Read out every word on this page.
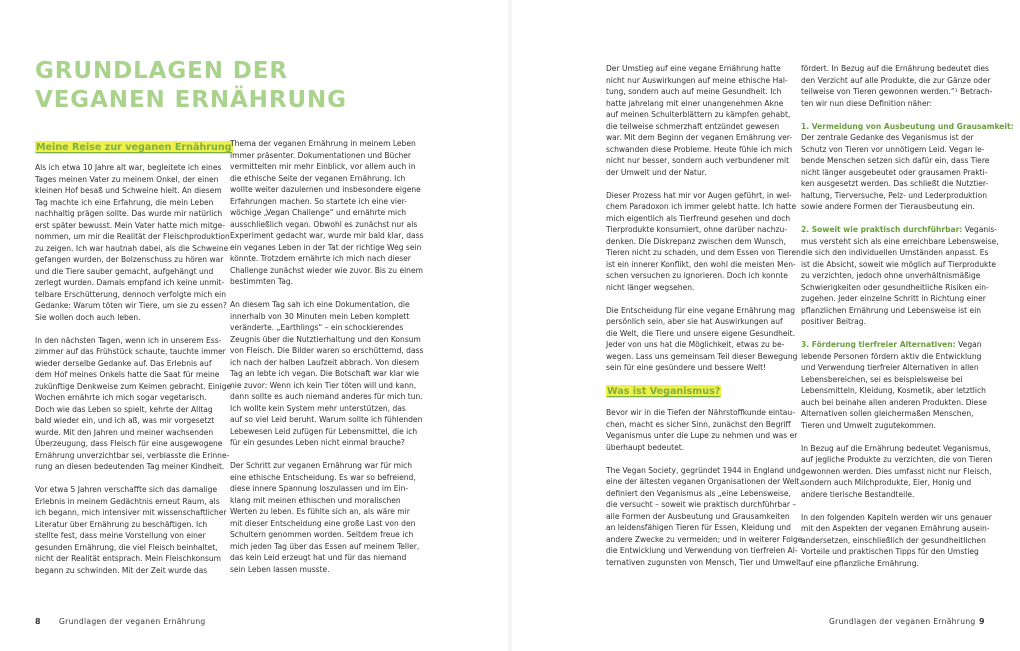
GRUNDLAGEN DER
VEGANEN ERNÄHRUNG
Meine Reise zur veganen Ernährung

Als ich etwa 10 Jahre alt war, begleitete ich eines
Tages meinen Vater zu meinem Onkel, der einen
kleinen Hof besaß und Schweine hielt. An diesem
Tag machte ich eine Erfahrung, die mein Leben
nachhaltig prägen sollte. Das wurde mir natürlich
erst später bewusst. Mein Vater hatte mich mitge-
nommen, um mir die Realität der Fleischproduktion
zu zeigen. Ich war hautnah dabei, als die Schweine
gefangen wurden, der Bolzenschuss zu hören war
und die Tiere sauber gemacht, aufgehängt und
zerlegt wurden. Damals empfand ich keine unmit-
telbare Erschütterung, dennoch verfolgte mich ein
Gedanke: Warum töten wir Tiere, um sie zu essen?
Sie wollen doch auch leben.

In den nächsten Tagen, wenn ich in unserem Ess-
zimmer auf das Frühstück schaute, tauchte immer
wieder derselbe Gedanke auf. Das Erlebnis auf
dem Hof meines Onkels hatte die Saat für meine
zukünftige Denkweise zum Keimen gebracht. Einige
Wochen ernährte ich mich sogar vegetarisch.
Doch wie das Leben so spielt, kehrte der Alltag
bald wieder ein, und ich aß, was mir vorgesetzt
wurde. Mit den Jahren und meiner wachsenden
Überzeugung, dass Fleisch für eine ausgewogene
Ernährung unverzichtbar sei, verblasste die Erinne-
rung an diesen bedeutenden Tag meiner Kindheit.

Vor etwa 5 Jahren verschaffte sich das damalige
Erlebnis in meinem Gedächtnis erneut Raum, als
ich begann, mich intensiver mit wissenschaftlicher
Literatur über Ernährung zu beschäftigen. Ich
stellte fest, dass meine Vorstellung von einer
gesunden Ernährung, die viel Fleisch beinhaltet,
nicht der Realität entsprach. Mein Fleischkonsum
begann zu schwinden. Mit der Zeit wurde das

Thema der veganen Ernährung in meinem Leben
immer präsenter. Dokumentationen und Bücher
vermittelten mir mehr Einblick, vor allem auch in
die ethische Seite der veganen Ernährung. Ich
wollte weiter dazulernen und insbesondere eigene
Erfahrungen machen. So startete ich eine vier-
wöchige „Vegan Challenge“ und ernährte mich
ausschließlich vegan. Obwohl es zunächst nur als
Experiment gedacht war, wurde mir bald klar, dass
ein veganes Leben in der Tat der richtige Weg sein
könnte. Trotzdem ernährte ich mich nach dieser
Challenge zunächst wieder wie zuvor. Bis zu einem
bestimmten Tag.

An diesem Tag sah ich eine Dokumentation, die
innerhalb von 30 Minuten mein Leben komplett
veränderte. „Earthlings“ – ein schockierendes
Zeugnis über die Nutztierhaltung und den Konsum
von Fleisch. Die Bilder waren so erschütternd, dass
ich nach der halben Laufzeit abbrach. Von diesem
Tag an lebte ich vegan. Die Botschaft war klar wie
nie zuvor: Wenn ich kein Tier töten will und kann,
dann sollte es auch niemand anderes für mich tun.
Ich wollte kein System mehr unterstützen, das
auf so viel Leid beruht. Warum sollte ich fühlenden
Lebewesen Leid zufügen für Lebensmittel, die ich
für ein gesundes Leben nicht einmal brauche?

Der Schritt zur veganen Ernährung war für mich
eine ethische Entscheidung. Es war so befreiend,
diese innere Spannung loszulassen und im Ein-
klang mit meinen ethischen und moralischen
Werten zu leben. Es fühlte sich an, als wäre mir
mit dieser Entscheidung eine große Last von den
Schultern genommen worden. Seitdem freue ich
mich jeden Tag über das Essen auf meinem Teller,
das kein Leid erzeugt hat und für das niemand
sein Leben lassen musste.

Der Umstieg auf eine vegane Ernährung hatte
nicht nur Auswirkungen auf meine ethische Hal-
tung, sondern auch auf meine Gesundheit. Ich
hatte jahrelang mit einer unangenehmen Akne
auf meinen Schulterblättern zu kämpfen gehabt,
die teilweise schmerzhaft entzündet gewesen
war. Mit dem Beginn der veganen Ernährung ver-
schwanden diese Probleme. Heute fühle ich mich
nicht nur besser, sondern auch verbundener mit
der Umwelt und der Natur.

Dieser Prozess hat mir vor Augen geführt, in wel-
chem Paradoxon ich immer gelebt hatte. Ich hatte
mich eigentlich als Tierfreund gesehen und doch
Tierprodukte konsumiert, ohne darüber nachzu-
denken. Die Diskrepanz zwischen dem Wunsch,
Tieren nicht zu schaden, und dem Essen von Tieren
ist ein innerer Konflikt, den wohl die meisten Men-
schen versuchen zu ignorieren. Doch ich konnte
nicht länger wegsehen.

Die Entscheidung für eine vegane Ernährung mag
persönlich sein, aber sie hat Auswirkungen auf
die Welt, die Tiere und unsere eigene Gesundheit.
Jeder von uns hat die Möglichkeit, etwas zu be-
wegen. Lass uns gemeinsam Teil dieser Bewegung
sein für eine gesündere und bessere Welt!

Was ist Veganismus?

Bevor wir in die Tiefen der Nährstoffkunde eintau-
chen, macht es sicher Sinn, zunächst den Begriff
Veganismus unter die Lupe zu nehmen und was er
überhaupt bedeutet.

The Vegan Society, gegründet 1944 in England und
eine der ältesten veganen Organisationen der Welt,
definiert den Veganismus als „eine Lebensweise,
die versucht – soweit wie praktisch durchführbar –
alle Formen der Ausbeutung und Grausamkeiten
an leidensfähigen Tieren für Essen, Kleidung und
andere Zwecke zu vermeiden; und in weiterer Folge
die Entwicklung und Verwendung von tierfreien Al-
ternativen zugunsten von Mensch, Tier und Umwelt

fördert. In Bezug auf die Ernährung bedeutet dies
den Verzicht auf alle Produkte, die zur Gänze oder
teilweise von Tieren gewonnen werden.“¹ Betrach-
ten wir nun diese Definition näher:

1. Vermeidung von Ausbeutung und Grausamkeit:
Der zentrale Gedanke des Veganismus ist der
Schutz von Tieren vor unnötigem Leid. Vegan le-
bende Menschen setzen sich dafür ein, dass Tiere
nicht länger ausgebeutet oder grausamen Prakti-
ken ausgesetzt werden. Das schließt die Nutztier-
haltung, Tierversuche, Pelz- und Lederproduktion
sowie andere Formen der Tierausbeutung ein.

2. Soweit wie praktisch durchführbar: Veganis-
mus versteht sich als eine erreichbare Lebensweise,
die sich den individuellen Umständen anpasst. Es
ist die Absicht, soweit wie möglich auf Tierprodukte
zu verzichten, jedoch ohne unverhältnismäßige
Schwierigkeiten oder gesundheitliche Risiken ein-
zugehen. Jeder einzelne Schritt in Richtung einer
pflanzlichen Ernährung und Lebensweise ist ein
positiver Beitrag.

3. Förderung tierfreier Alternativen: Vegan
lebende Personen fördern aktiv die Entwicklung
und Verwendung tierfreier Alternativen in allen
Lebensbereichen, sei es beispielsweise bei
Lebensmitteln, Kleidung, Kosmetik, aber letztlich
auch bei beinahe allen anderen Produkten. Diese
Alternativen sollen gleichermaßen Menschen,
Tieren und Umwelt zugutekommen.

In Bezug auf die Ernährung bedeutet Veganismus,
auf jegliche Produkte zu verzichten, die von Tieren
gewonnen werden. Dies umfasst nicht nur Fleisch,
sondern auch Milchprodukte, Eier, Honig und
andere tierische Bestandteile.

In den folgenden Kapiteln werden wir uns genauer
mit den Aspekten der veganen Ernährung ausein-
andersetzen, einschließlich der gesundheitlichen
Vorteile und praktischen Tipps für den Umstieg
auf eine pflanzliche Ernährung.

8 Grundlagen der veganen Ernährung	Grundlagen der veganen Ernährung 9
